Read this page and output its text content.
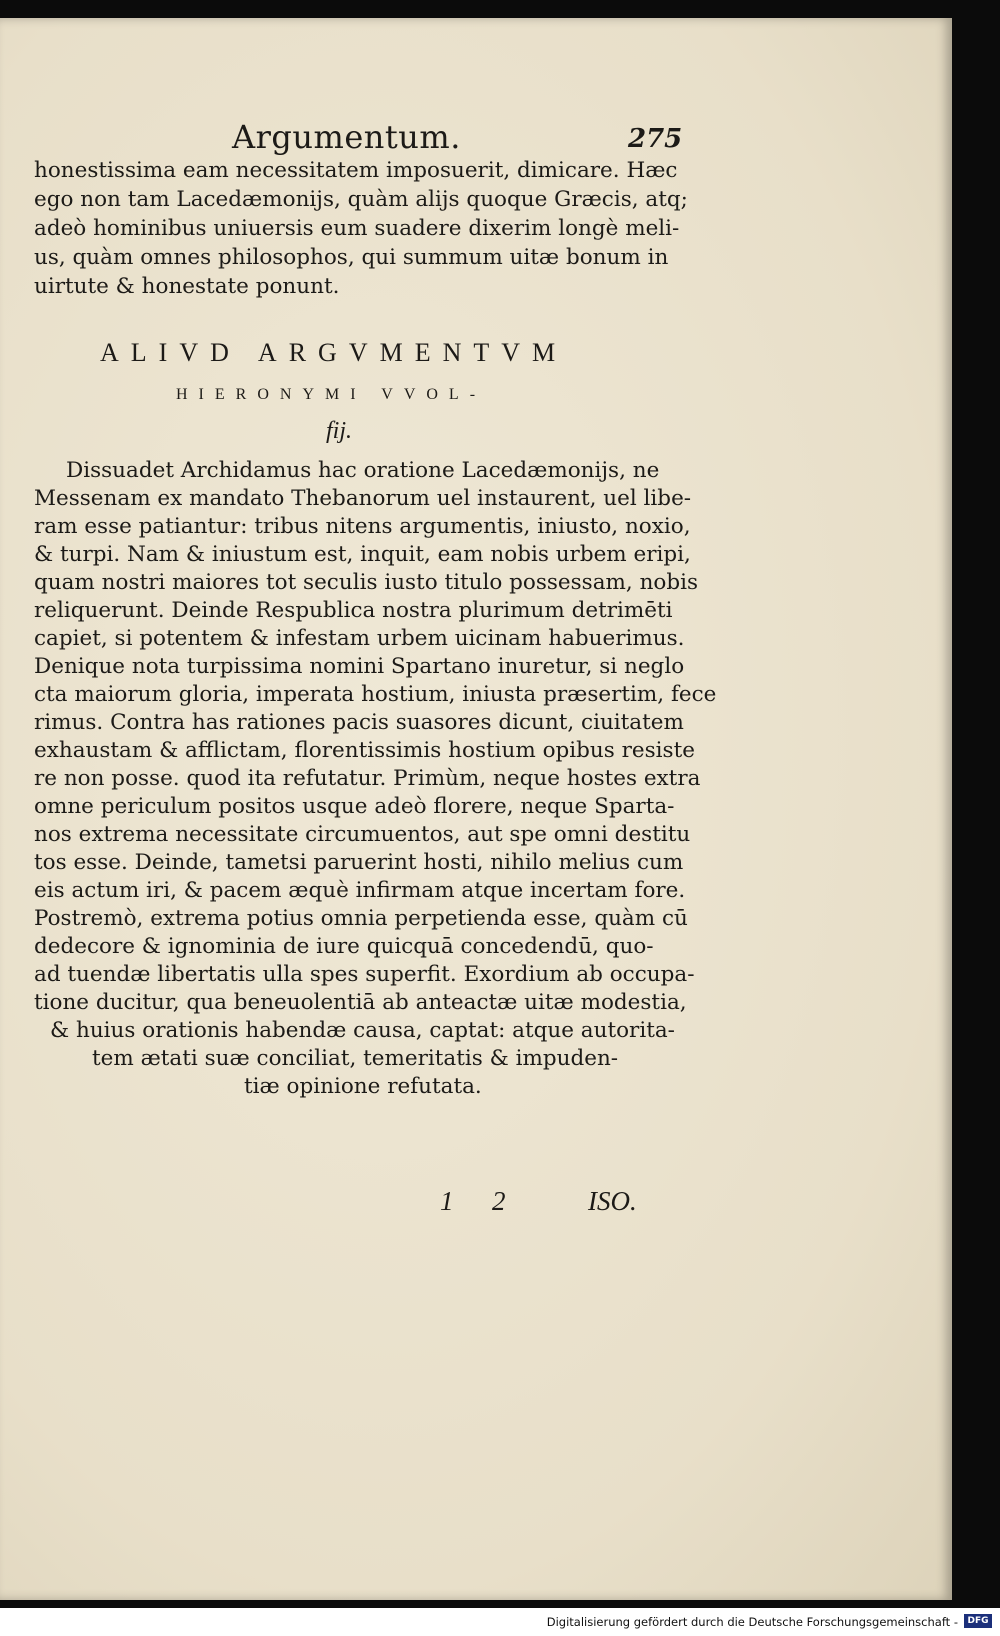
Argumentum.	275
honestissima eam necessitatem imposuerit, dimicare. Hæc
ego non tam Lacedæmonijs, quàm alijs quoque Græcis, atq;
adeò hominibus uniuersis eum suadere dixerim longè meli-
us, quàm omnes philosophos, qui summum uitæ bonum in
uirtute & honestate ponunt.
ALIVD ARGVMENTVM
HIERONYMI VVOL-
fij.
Dissuadet Archidamus hac oratione Lacedæmonijs, ne
Messenam ex mandato Thebanorum uel instaurent, uel libe-
ram esse patiantur: tribus nitens argumentis, iniusto, noxio,
& turpi. Nam & iniustum est, inquit, eam nobis urbem eripi,
quam nostri maiores tot seculis iusto titulo possessam, nobis
reliquerunt. Deinde Respublica nostra plurimum detrimēti
capiet, si potentem & infestam urbem uicinam habuerimus.
Denique nota turpissima nomini Spartano inuretur, si neglo
cta maiorum gloria, imperata hostium, iniusta præsertim, fece
rimus. Contra has rationes pacis suasores dicunt, ciuitatem
exhaustam & afflictam, florentissimis hostium opibus resiste
re non posse. quod ita refutatur. Primùm, neque hostes extra
omne periculum positos usque adeò florere, neque Sparta-
nos extrema necessitate circumuentos, aut spe omni destitu
tos esse. Deinde, tametsi paruerint hosti, nihilo melius cum
eis actum iri, & pacem æquè infirmam atque incertam fore.
Postremò, extrema potius omnia perpetienda esse, quàm cū
dedecore & ignominia de iure quicquā concedendū, quo-
ad tuendæ libertatis ulla spes superfit. Exordium ab occupa-
tione ducitur, qua beneuolentiā ab anteactæ uitæ modestia,
& huius orationis habendæ causa, captat: atque autorita-
tem ætati suæ conciliat, temeritatis & impuden-
tiæ opinione refutata.
1 2	ISO.
Digitalisierung gefördert durch die Deutsche Forschungsgemeinschaft -	DFG
